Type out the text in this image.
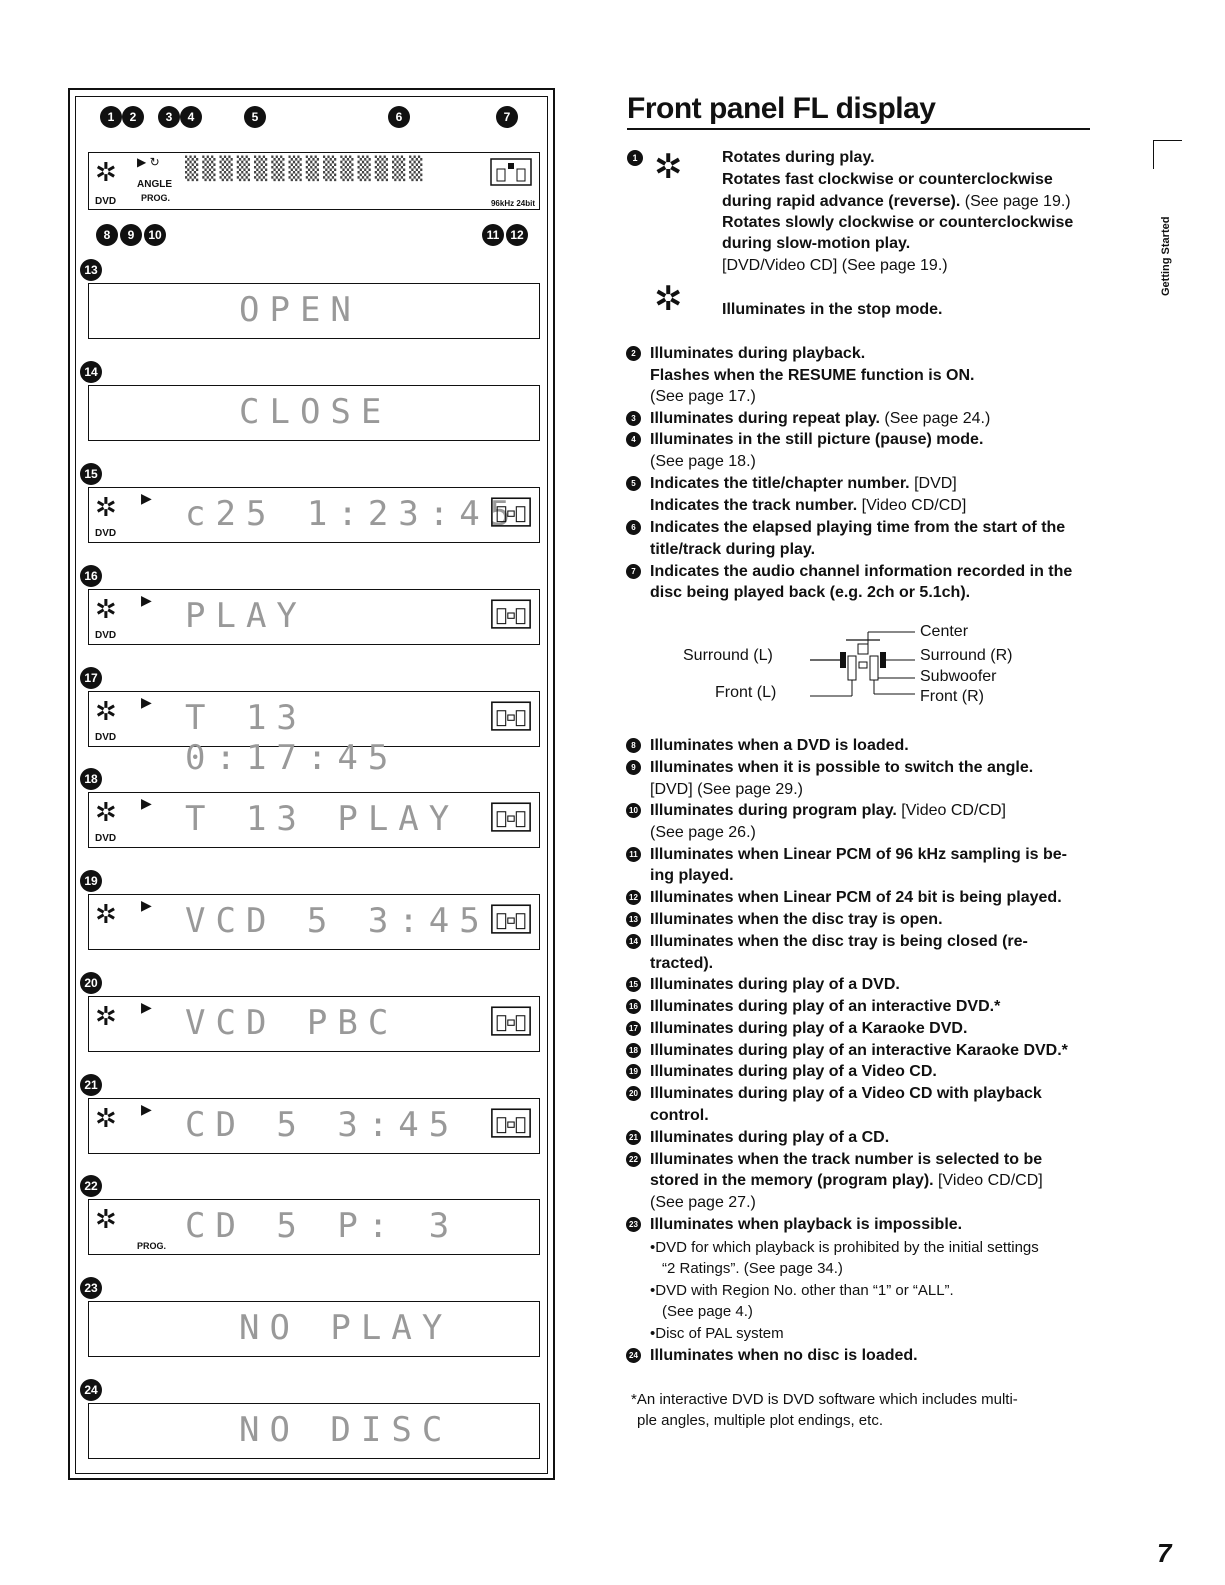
1	2	3	4	5	6	7
✲
DVD
▶ ↻
ANGLE
PROG.
▒▒▒▒▒▒▒▒▒▒▒▒▒▒
96kHz 24bit
8	9	10	11 12
13
OPEN
14
CLOSE
15
✲ ▶ c25 1:23:45
DVD
16
✲ ▶ PLAY
DVD
17
✲ ▶ T 13 0:17:45
DVD
18
✲ ▶ T 13 PLAY
DVD
19
✲ ▶ VCD 5 3:45
20
✲ ▶ VCD PBC
21
✲ ▶ CD 5 3:45
22
✲ CD 5 P: 3
PROG.
23
NO PLAY
24
NO DISC
Front panel FL display
Getting Started
Rotates during play.
1 ✲ Rotates fast clockwise or counterclockwise
during rapid advance (reverse). (See page 19.)
Rotates slowly clockwise or counterclockwise
during slow-motion play.
[DVD/Video CD] (See page 19.)
✲ Illuminates in the stop mode.
2 Illuminates during playback.
Flashes when the RESUME function is ON.
(See page 17.)
3 Illuminates during repeat play. (See page 24.)
4 Illuminates in the still picture (pause) mode.
(See page 18.)
5 Indicates the title/chapter number. [DVD]
Indicates the track number. [Video CD/CD]
6 Indicates the elapsed playing time from the start of the
title/track during play.
7 Indicates the audio channel information recorded in the
disc being played back (e.g. 2ch or 5.1ch).
Center
Surround (L)	Surround (R)
Subwoofer
Front (L)	Front (R)
8 Illuminates when a DVD is loaded.
9 Illuminates when it is possible to switch the angle.
[DVD] (See page 29.)
10 Illuminates during program play. [Video CD/CD]
(See page 26.)
11 Illuminates when Linear PCM of 96 kHz sampling is be-
ing played.
12 Illuminates when Linear PCM of 24 bit is being played.
13 Illuminates when the disc tray is open.
14 Illuminates when the disc tray is being closed (re-
tracted).
15 Illuminates during play of a DVD.
16 Illuminates during play of an interactive DVD.*
17 Illuminates during play of a Karaoke DVD.
18 Illuminates during play of an interactive Karaoke DVD.*
19 Illuminates during play of a Video CD.
20 Illuminates during play of a Video CD with playback
control.
21 Illuminates during play of a CD.
22 Illuminates when the track number is selected to be
stored in the memory (program play). [Video CD/CD]
(See page 27.)
23 Illuminates when playback is impossible.
•DVD for which playback is prohibited by the initial settings
“2 Ratings”. (See page 34.)
•DVD with Region No. other than “1” or “ALL”.
(See page 4.)
•Disc of PAL system
24 Illuminates when no disc is loaded.
*An interactive DVD is DVD software which includes multi-
ple angles, multiple plot endings, etc.
7
